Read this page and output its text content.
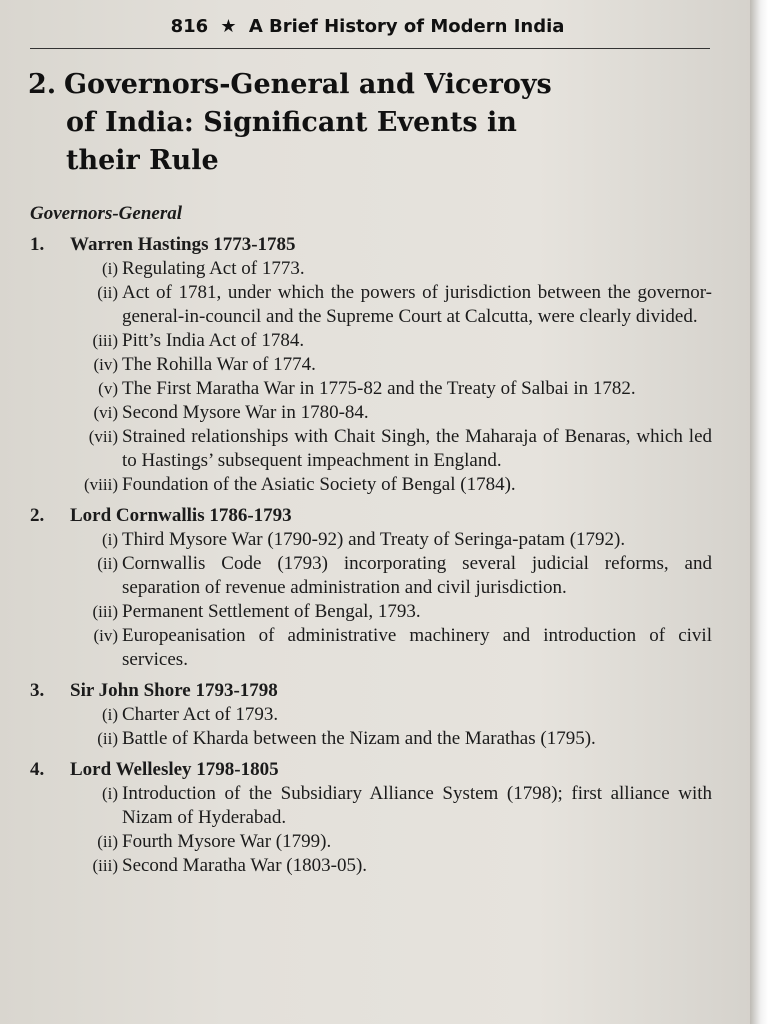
816 ★ A Brief History of Modern India
2. Governors-General and Viceroys
of India: Significant Events in
their Rule
Governors-General
1. Warren Hastings 1773-1785
(i) Regulating Act of 1773.
(ii) Act of 1781, under which the powers of jurisdiction between the governor-general-in-council and the Supreme Court at Calcutta, were clearly divided.
(iii) Pitt’s India Act of 1784.
(iv) The Rohilla War of 1774.
(v) The First Maratha War in 1775-82 and the Treaty of Salbai in 1782.
(vi) Second Mysore War in 1780-84.
(vii) Strained relationships with Chait Singh, the Maharaja of Benaras, which led to Hastings’ subsequent impeachment in England.
(viii) Foundation of the Asiatic Society of Bengal (1784).
2. Lord Cornwallis 1786-1793
(i) Third Mysore War (1790-92) and Treaty of Seringa-patam (1792).
(ii) Cornwallis Code (1793) incorporating several judicial reforms, and separation of revenue administration and civil jurisdiction.
(iii) Permanent Settlement of Bengal, 1793.
(iv) Europeanisation of administrative machinery and introduction of civil services.
3. Sir John Shore 1793-1798
(i) Charter Act of 1793.
(ii) Battle of Kharda between the Nizam and the Marathas (1795).
4. Lord Wellesley 1798-1805
(i) Introduction of the Subsidiary Alliance System (1798); first alliance with Nizam of Hyderabad.
(ii) Fourth Mysore War (1799).
(iii) Second Maratha War (1803-05).
